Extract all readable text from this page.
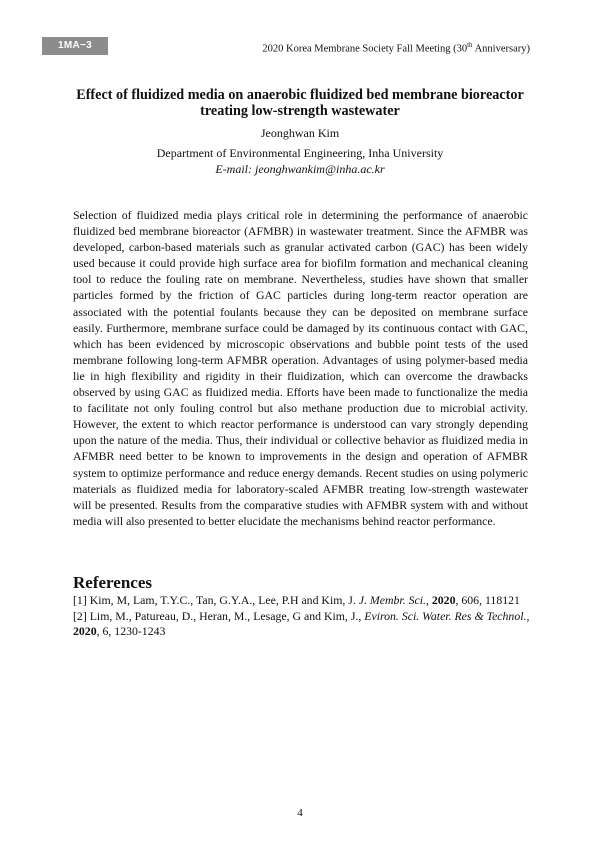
1MA−3	2020 Korea Membrane Society Fall Meeting (30th Anniversary)
Effect of fluidized media on anaerobic fluidized bed membrane bioreactor
treating low-strength wastewater
Jeonghwan Kim
Department of Environmental Engineering, Inha University
E-mail: jeonghwankim@inha.ac.kr

Selection of fluidized media plays critical role in determining the performance of anaerobic fluidized bed membrane bioreactor (AFMBR) in wastewater treatment. Since the AFMBR was developed, carbon-based materials such as granular activated carbon (GAC) has been widely used because it could provide high surface area for biofilm formation and mechanical cleaning tool to reduce the fouling rate on membrane. Nevertheless, studies have shown that smaller particles formed by the friction of GAC particles during long-term reactor operation are associated with the potential foulants because they can be deposited on membrane surface easily. Furthermore, membrane surface could be damaged by its continuous contact with GAC, which has been evidenced by microscopic observations and bubble point tests of the used membrane following long-term AFMBR operation. Advantages of using polymer-based media lie in high flexibility and rigidity in their fluidization, which can overcome the drawbacks observed by using GAC as fluidized media. Efforts have been made to functionalize the media to facilitate not only fouling control but also methane production due to microbial activity. However, the extent to which reactor performance is understood can vary strongly depending upon the nature of the media. Thus, their individual or collective behavior as fluidized media in AFMBR need better to be known to improvements in the design and operation of AFMBR system to optimize performance and reduce energy demands. Recent studies on using polymeric materials as fluidized media for laboratory-scaled AFMBR treating low-strength wastewater will be presented. Results from the comparative studies with AFMBR system with and without media will also presented to better elucidate the mechanisms behind reactor performance.

References

[1] Kim, M, Lam, T.Y.C., Tan, G.Y.A., Lee, P.H and Kim, J. J. Membr. Sci., 2020, 606, 118121

[2] Lim, M., Patureau, D., Heran, M., Lesage, G and Kim, J., Eviron. Sci. Water. Res & Technol., 2020, 6, 1230-1243

4
